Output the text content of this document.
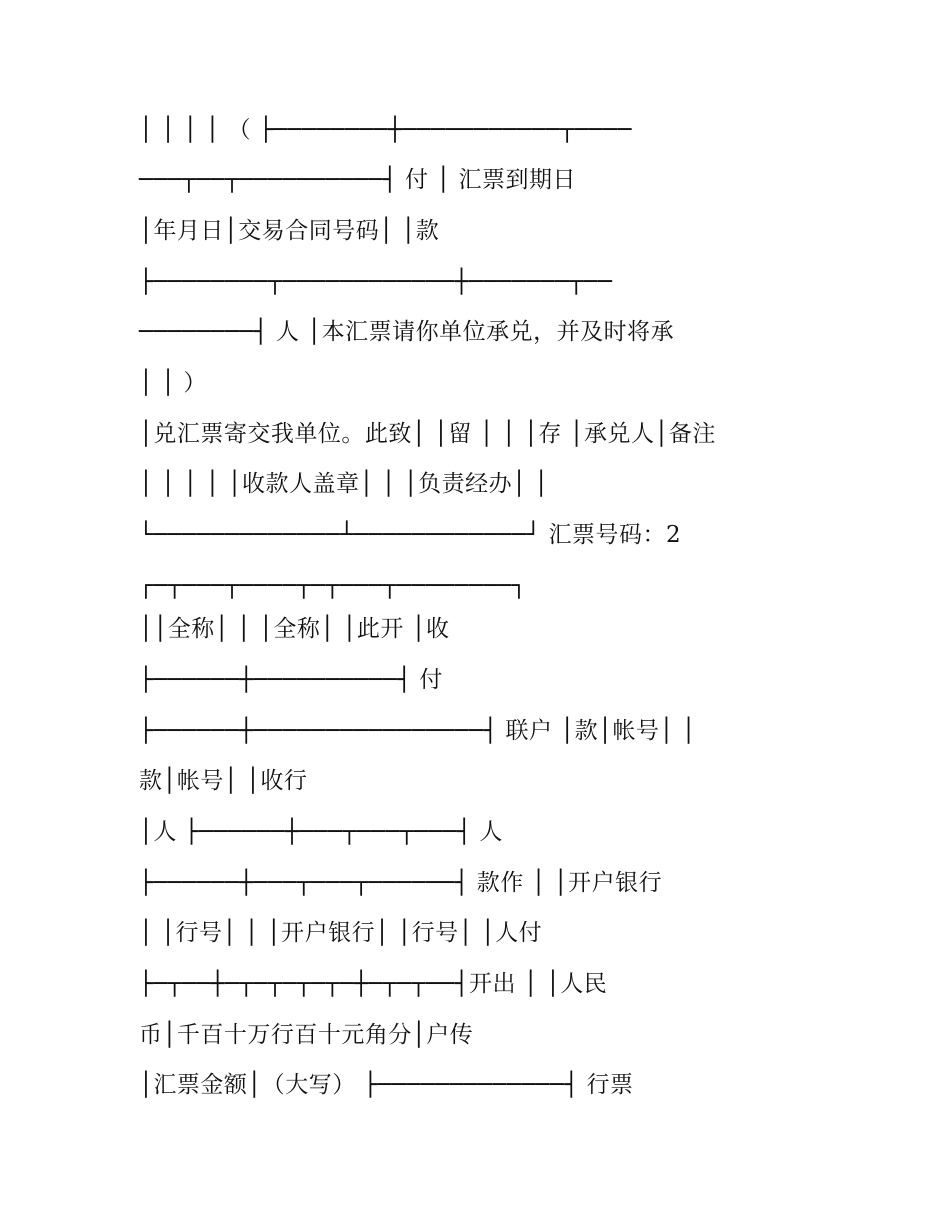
│ │ │ │ （ ├────────┼───────────┬────
───┬──┬──────────┤ 付 │ 汇票到期日
│年月日│交易合同号码│ │款
├────────┬────────────┼───────┬──
────────┤ 人 │本汇票请你单位承兑，并及时将承
│ │ ）
│兑汇票寄交我单位。此致│ │留 │ │ │存 │承兑人│备注
│ │ │ │ │收款人盖章│ │ │负责经办│ │
└─────────────┴────────────┘ 汇票号码：2
┌─┬───┬────┬─┬───┬────────┐
││全称│ │ │全称│ │此开 │收
├──────┼──────────┤ 付
├──────┼────────────────┤ 联户 │款│帐号│ │
款│帐号│ │收行
│人 ├──────┼───┬───┬───┤ 人
├──────┼───┬───┬──────┤ 款作 │ │开户银行
│ │行号│ │ │开户银行│ │行号│ │人付
├─┬──┼─┬─┬─┬─┬─┼─┬─┬──┤开出 │ │人民
币│千百十万行百十元角分│户传
│汇票金额│（大写） ├─────────────┤ 行票
